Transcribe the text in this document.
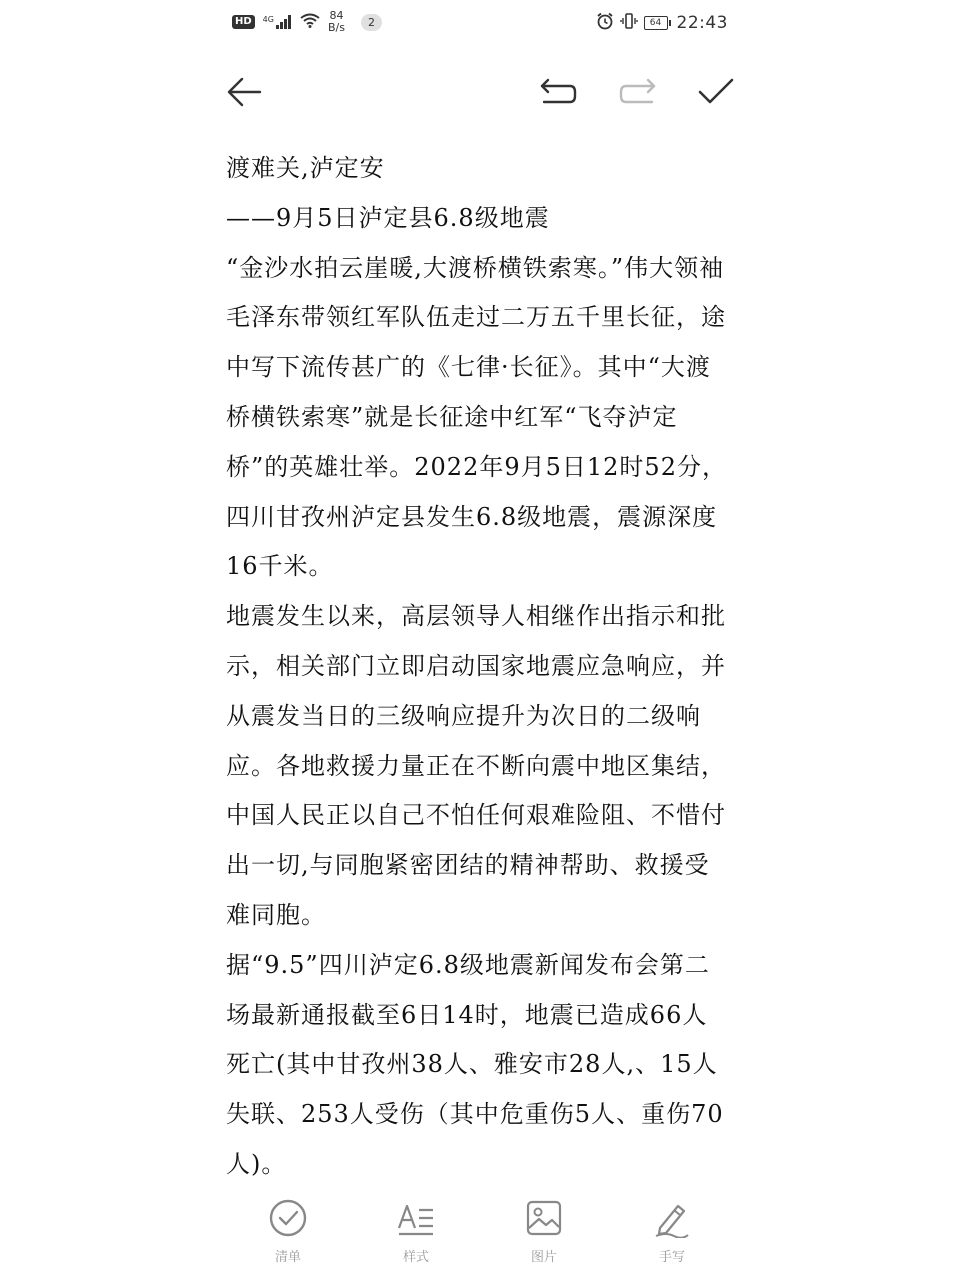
HD	4G	84
B/s	2	64 22:43

渡难关,泸定安

——9月5日泸定县6.8级地震

“金沙水拍云崖暖,大渡桥横铁索寒。”伟大领袖毛泽东带领红军队伍走过二万五千里长征，途中写下流传甚广的《七律·长征》。其中“大渡桥横铁索寒”就是长征途中红军“飞夺泸定桥”的英雄壮举。2022年9月5日12时52分，四川甘孜州泸定县发生6.8级地震，震源深度16千米。

地震发生以来，高层领导人相继作出指示和批示，相关部门立即启动国家地震应急响应，并从震发当日的三级响应提升为次日的二级响应。各地救援力量正在不断向震中地区集结，中国人民正以自己不怕任何艰难险阻、不惜付出一切,与同胞紧密团结的精神帮助、救援受难同胞。

据“9.5”四川泸定6.8级地震新闻发布会第二场最新通报截至6日14时，地震已造成66人死亡(其中甘孜州38人、雅安市28人,、15人失联、253人受伤（其中危重伤5人、重伤70人)。

清单	样式	图片	手写
